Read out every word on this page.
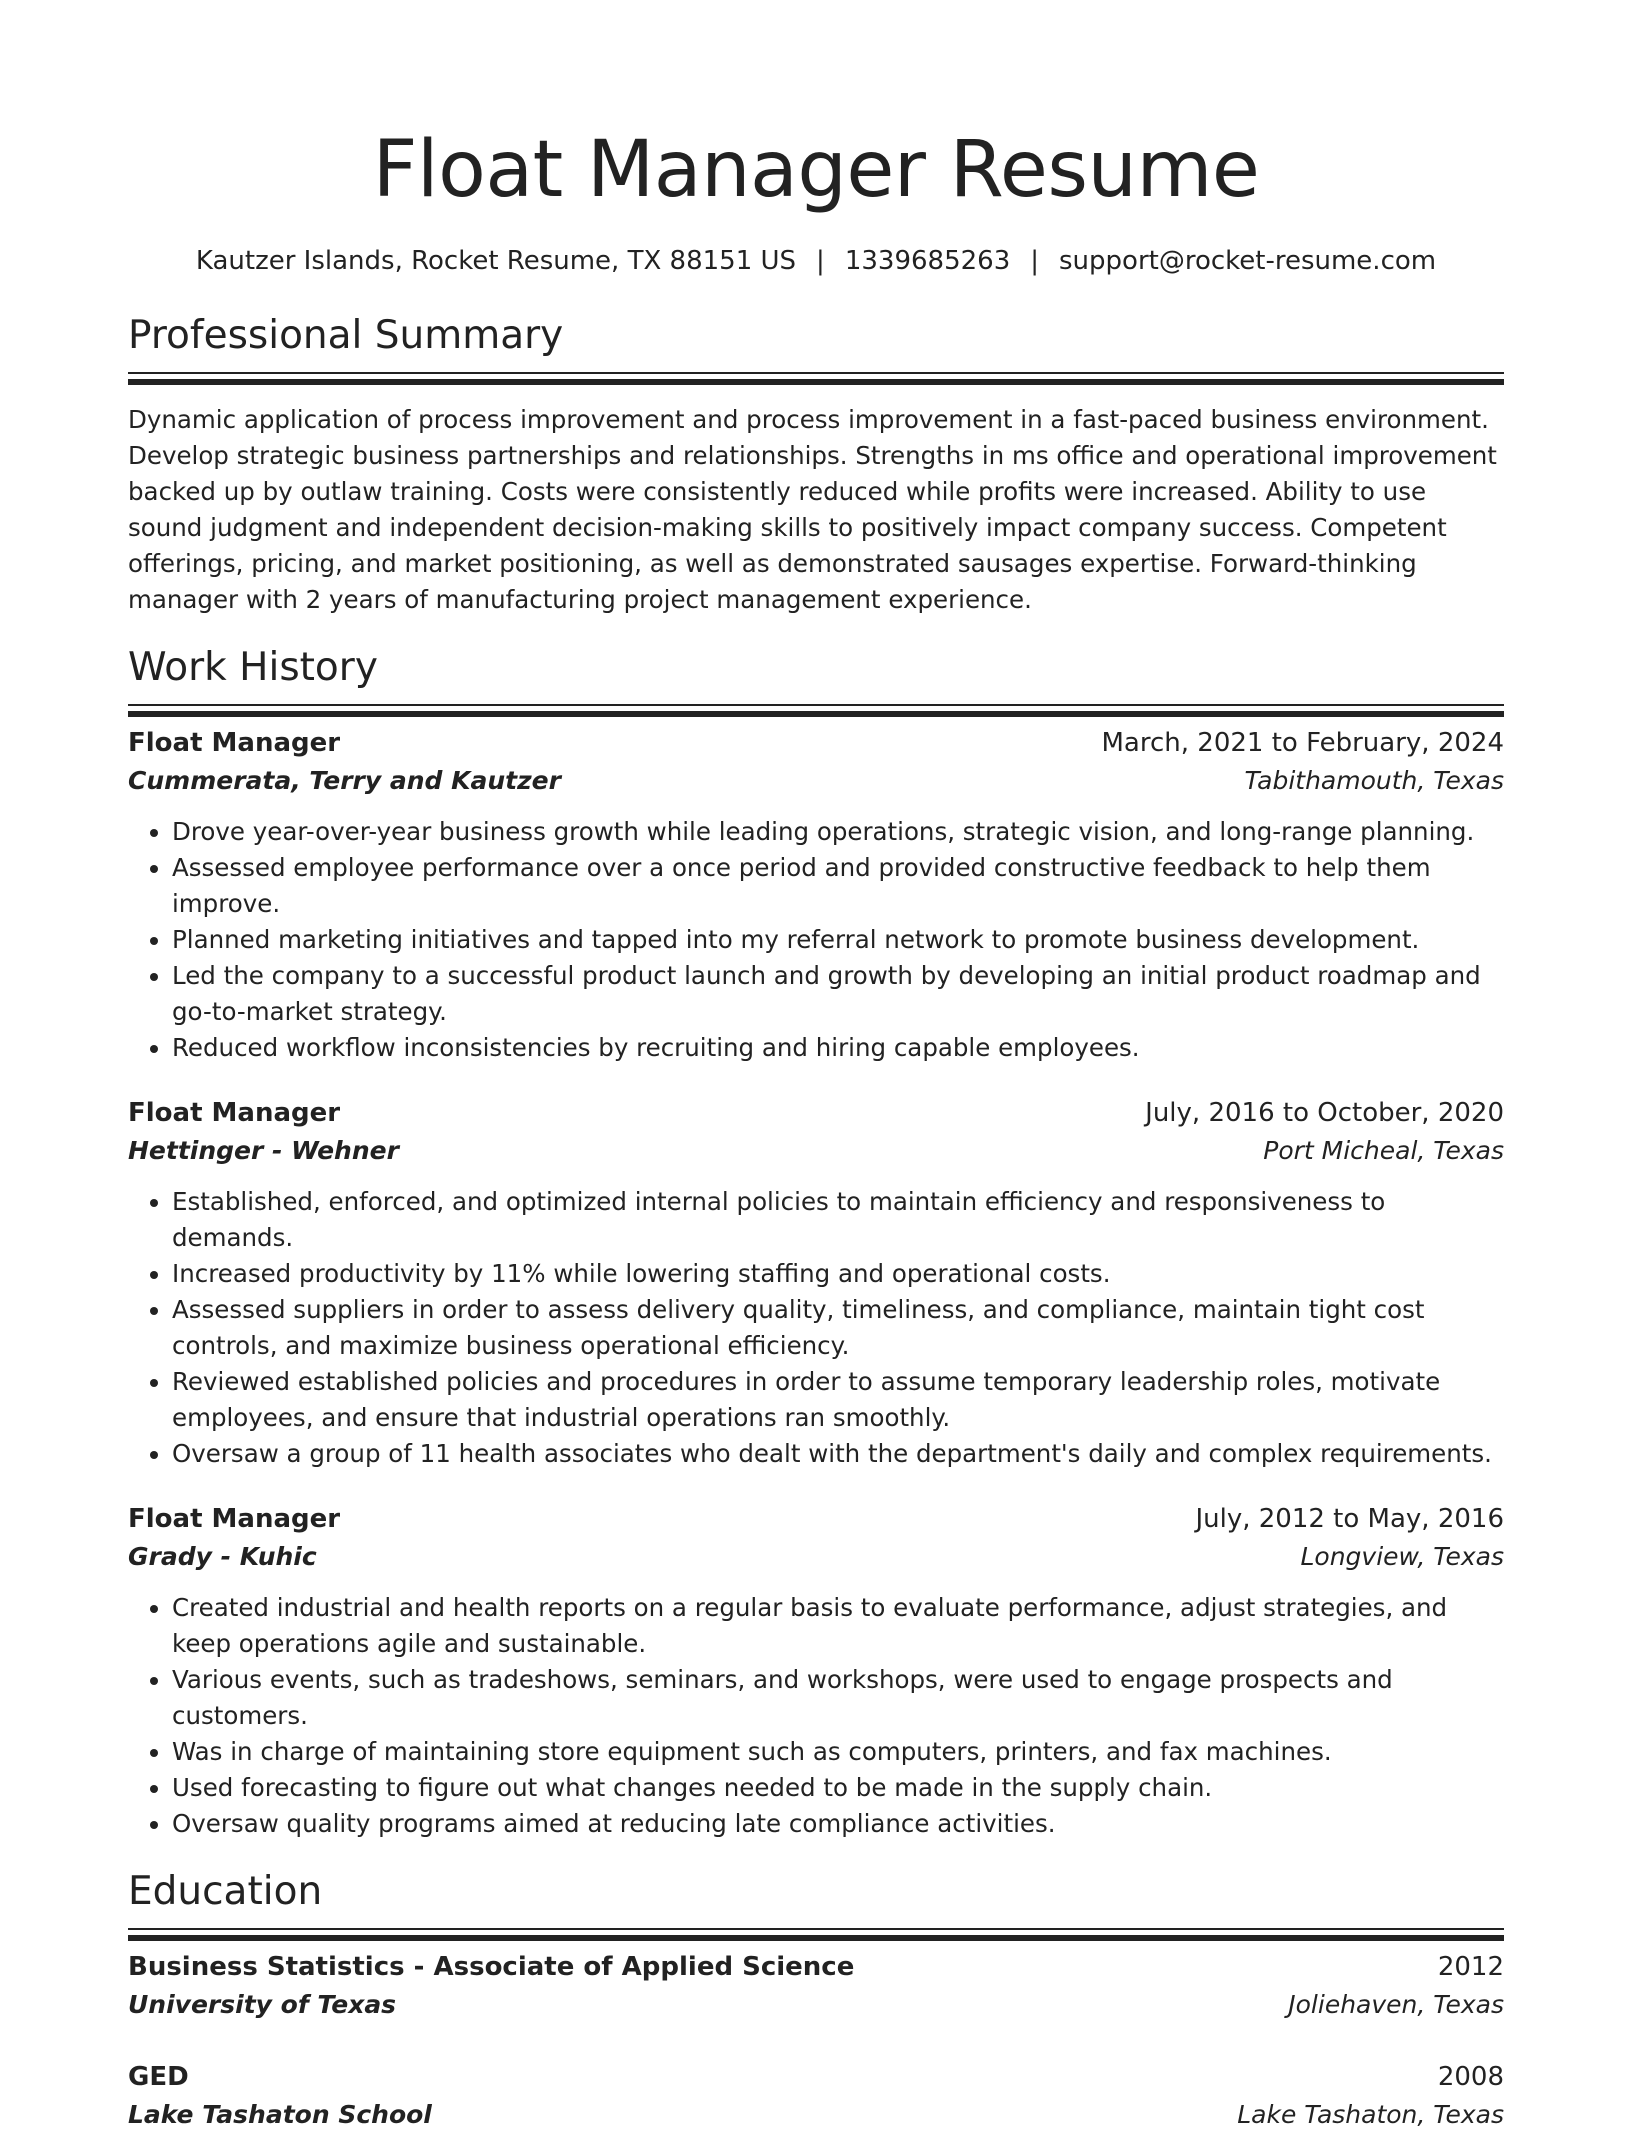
Float Manager Resume
Kautzer Islands, Rocket Resume, TX 88151 US | 1339685263 | support@rocket-resume.com
Professional Summary
Dynamic application of process improvement and process improvement in a fast-paced business environment. Develop strategic business partnerships and relationships. Strengths in ms office and operational improvement backed up by outlaw training. Costs were consistently reduced while profits were increased. Ability to use sound judgment and independent decision-making skills to positively impact company success. Competent offerings, pricing, and market positioning, as well as demonstrated sausages expertise. Forward-thinking manager with 2 years of manufacturing project management experience.
Work History
Float Manager	March, 2021 to February, 2024
Cummerata, Terry and Kautzer	Tabithamouth, Texas
• Drove year-over-year business growth while leading operations, strategic vision, and long-range planning.
• Assessed employee performance over a once period and provided constructive feedback to help them improve.
• Planned marketing initiatives and tapped into my referral network to promote business development.
• Led the company to a successful product launch and growth by developing an initial product roadmap and go-to-market strategy.
• Reduced workflow inconsistencies by recruiting and hiring capable employees.
Float Manager	July, 2016 to October, 2020
Hettinger - Wehner	Port Micheal, Texas
• Established, enforced, and optimized internal policies to maintain efficiency and responsiveness to demands.
• Increased productivity by 11% while lowering staffing and operational costs.
• Assessed suppliers in order to assess delivery quality, timeliness, and compliance, maintain tight cost controls, and maximize business operational efficiency.
• Reviewed established policies and procedures in order to assume temporary leadership roles, motivate employees, and ensure that industrial operations ran smoothly.
• Oversaw a group of 11 health associates who dealt with the department's daily and complex requirements.
Float Manager	July, 2012 to May, 2016
Grady - Kuhic	Longview, Texas
• Created industrial and health reports on a regular basis to evaluate performance, adjust strategies, and keep operations agile and sustainable.
• Various events, such as tradeshows, seminars, and workshops, were used to engage prospects and customers.
• Was in charge of maintaining store equipment such as computers, printers, and fax machines.
• Used forecasting to figure out what changes needed to be made in the supply chain.
• Oversaw quality programs aimed at reducing late compliance activities.
Education
Business Statistics - Associate of Applied Science	2012
University of Texas	Joliehaven, Texas
GED	2008
Lake Tashaton School	Lake Tashaton, Texas
